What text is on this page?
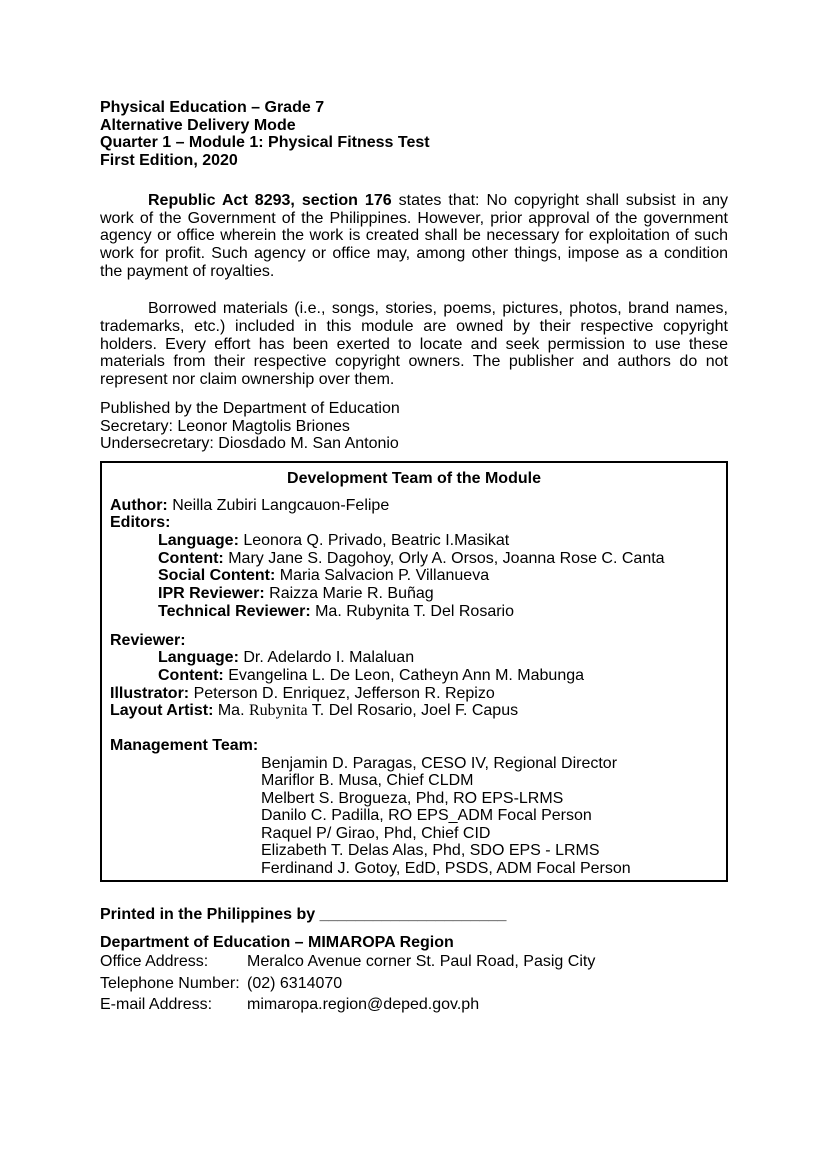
Physical Education – Grade 7
Alternative Delivery Mode
Quarter 1 – Module 1: Physical Fitness Test
First Edition, 2020

Republic Act 8293, section 176 states that: No copyright shall subsist in any work of the Government of the Philippines. However, prior approval of the government agency or office wherein the work is created shall be necessary for exploitation of such work for profit. Such agency or office may, among other things, impose as a condition the payment of royalties.

Borrowed materials (i.e., songs, stories, poems, pictures, photos, brand names, trademarks, etc.) included in this module are owned by their respective copyright holders. Every effort has been exerted to locate and seek permission to use these materials from their respective copyright owners. The publisher and authors do not represent nor claim ownership over them.

Published by the Department of Education
Secretary: Leonor Magtolis Briones
Undersecretary: Diosdado M. San Antonio
Development Team of the Module
Author: Neilla Zubiri Langcauon-Felipe
Editors:
Language: Leonora Q. Privado, Beatric I.Masikat
Content: Mary Jane S. Dagohoy, Orly A. Orsos, Joanna Rose C. Canta
Social Content: Maria Salvacion P. Villanueva
IPR Reviewer: Raizza Marie R. Buñag
Technical Reviewer: Ma. Rubynita T. Del Rosario
Reviewer:
Language: Dr. Adelardo I. Malaluan
Content: Evangelina L. De Leon, Catheyn Ann M. Mabunga
Illustrator: Peterson D. Enriquez, Jefferson R. Repizo
Layout Artist: Ma. Rubynita T. Del Rosario, Joel F. Capus
Management Team:
Benjamin D. Paragas, CESO IV, Regional Director
Mariflor B. Musa, Chief CLDM
Melbert S. Brogueza, Phd, RO EPS-LRMS
Danilo C. Padilla, RO EPS_ADM Focal Person
Raquel P/ Girao, Phd, Chief CID
Elizabeth T. Delas Alas, Phd, SDO EPS - LRMS
Ferdinand J. Gotoy, EdD, PSDS, ADM Focal Person
Printed in the Philippines by _____________________
Department of Education – MIMAROPA Region
Office Address:	Meralco Avenue corner St. Paul Road, Pasig City
Telephone Number: (02) 6314070
E-mail Address:	mimaropa.region@deped.gov.ph
